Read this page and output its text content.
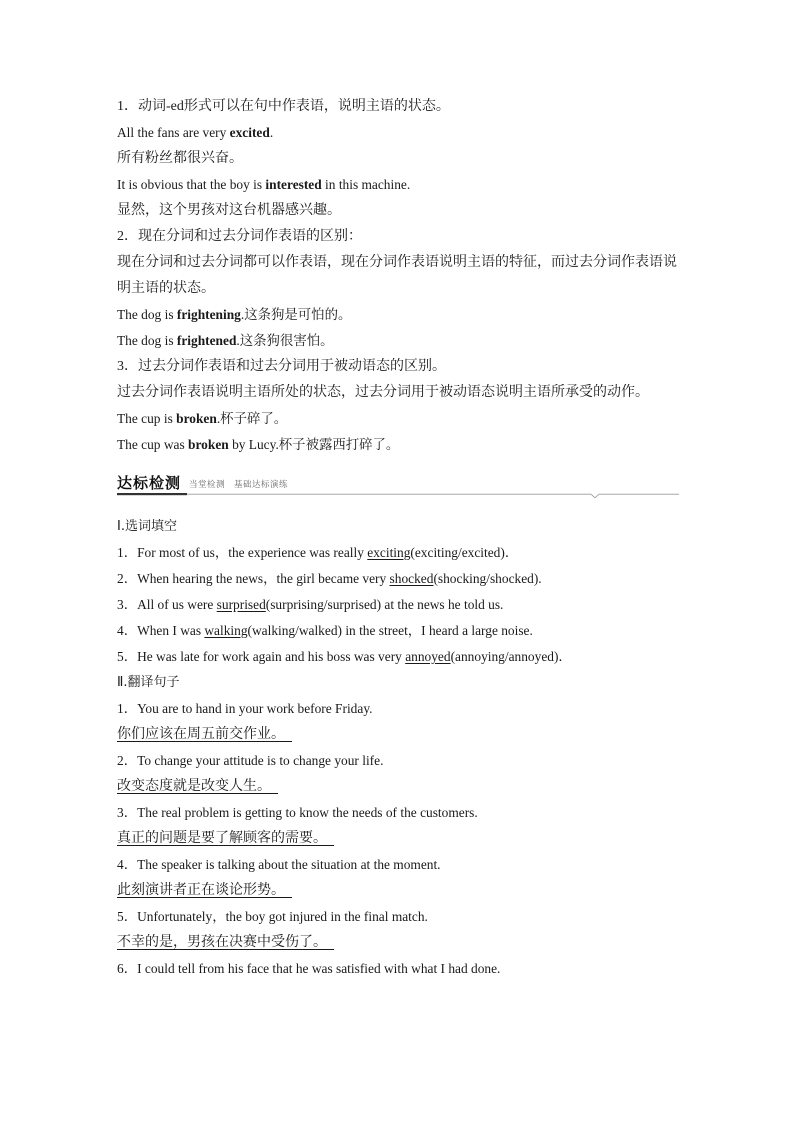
1．动词-ed形式可以在句中作表语，说明主语的状态。
All the fans are very excited.
所有粉丝都很兴奋。
It is obvious that the boy is interested in this machine.
显然，这个男孩对这台机器感兴趣。
2．现在分词和过去分词作表语的区别：
现在分词和过去分词都可以作表语，现在分词作表语说明主语的特征，而过去分词作表语说
明主语的状态。
The dog is frightening.这条狗是可怕的。
The dog is frightened.这条狗很害怕。
3．过去分词作表语和过去分词用于被动语态的区别。
过去分词作表语说明主语所处的状态，过去分词用于被动语态说明主语所承受的动作。
The cup is broken.杯子碎了。
The cup was broken by Lucy.杯子被露西打碎了。
达标检测 当堂检测　基础达标演练
Ⅰ.选词填空
1．For most of us，the experience was really exciting(exciting/excited)．
2．When hearing the news，the girl became very shocked(shocking/shocked).
3．All of us were surprised(surprising/surprised) at the news he told us.
4．When I was walking(walking/walked) in the street，I heard a large noise.
5．He was late for work again and his boss was very annoyed(annoying/annoyed)．
Ⅱ.翻译句子
1．You are to hand in your work before Friday.
你们应该在周五前交作业。　
2．To change your attitude is to change your life.
改变态度就是改变人生。　
3．The real problem is getting to know the needs of the customers.
真正的问题是要了解顾客的需要。　
4．The speaker is talking about the situation at the moment.
此刻演讲者正在谈论形势。　
5．Unfortunately，the boy got injured in the final match.
不幸的是，男孩在决赛中受伤了。　
6．I could tell from his face that he was satisfied with what I had done.
